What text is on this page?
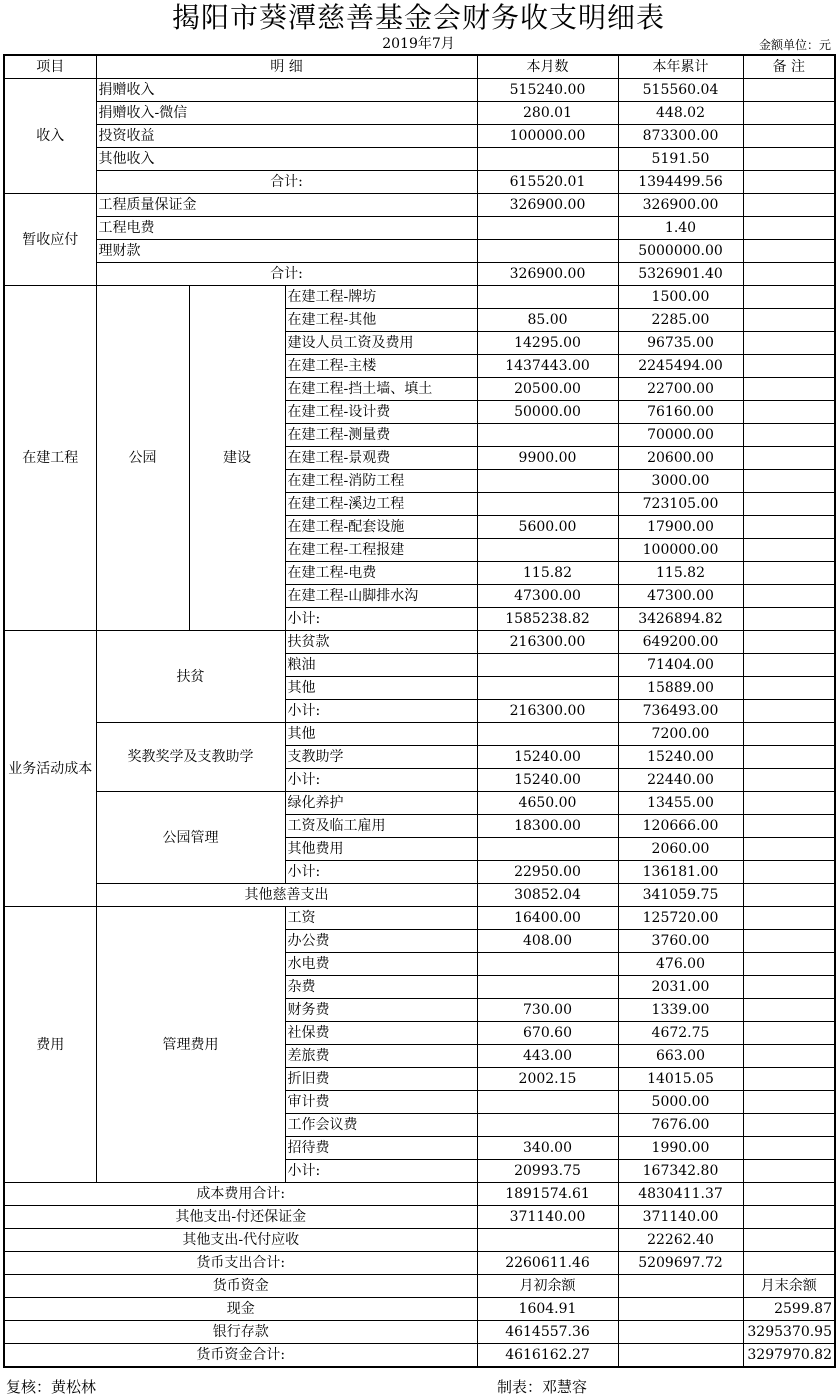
揭阳市葵潭慈善基金会财务收支明细表
2019年7月	金额单位：元
项目	明 细			本月数	本年累计	备 注
收入	捐赠收入			515240.00	515560.04	
	捐赠收入-微信			280.01	448.02	
	投资收益			100000.00	873300.00	
	其他收入				5191.50	
	合计:			615520.01	1394499.56	
暂收应付	工程质量保证金			326900.00	326900.00	
	工程电费				1.40	
	理财款				5000000.00	
	合计:			326900.00	5326901.40	
在建工程	公园	建设	在建工程-牌坊		1500.00	
			在建工程-其他	85.00	2285.00	
			建设人员工资及费用	14295.00	96735.00	
			在建工程-主楼	1437443.00	2245494.00	
			在建工程-挡土墙、填土	20500.00	22700.00	
			在建工程-设计费	50000.00	76160.00	
			在建工程-测量费		70000.00	
			在建工程-景观费	9900.00	20600.00	
			在建工程-消防工程		3000.00	
			在建工程-溪边工程		723105.00	
			在建工程-配套设施	5600.00	17900.00	
			在建工程-工程报建		100000.00	
			在建工程-电费	115.82	115.82	
			在建工程-山脚排水沟	47300.00	47300.00	
			小计:	1585238.82	3426894.82	
业务活动成本	扶贫		扶贫款	216300.00	649200.00	
			粮油		71404.00	
			其他		15889.00	
			小计:	216300.00	736493.00	
	奖教奖学及支教助学		其他		7200.00	
			支教助学	15240.00	15240.00	
			小计:	15240.00	22440.00	
	公园管理		绿化养护	4650.00	13455.00	
			工资及临工雇用	18300.00	120666.00	
			其他费用		2060.00	
			小计:	22950.00	136181.00	
	其他慈善支出			30852.04	341059.75	
费用	管理费用		工资	16400.00	125720.00	
			办公费	408.00	3760.00	
			水电费		476.00	
			杂费		2031.00	
			财务费	730.00	1339.00	
			社保费	670.60	4672.75	
			差旅费	443.00	663.00	
			折旧费	2002.15	14015.05	
			审计费		5000.00	
			工作会议费		7676.00	
			招待费	340.00	1990.00	
			小计:	20993.75	167342.80	
成本费用合计:				1891574.61	4830411.37	
其他支出-付还保证金				371140.00	371140.00	
其他支出-代付应收					22262.40	
货币支出合计:				2260611.46	5209697.72	
货币资金				月初余额		月末余额
现金				1604.91		2599.87
银行存款				4614557.36		3295370.95
货币资金合计:				4616162.27		3297970.82
复核：黄松林	制表：邓慧容
